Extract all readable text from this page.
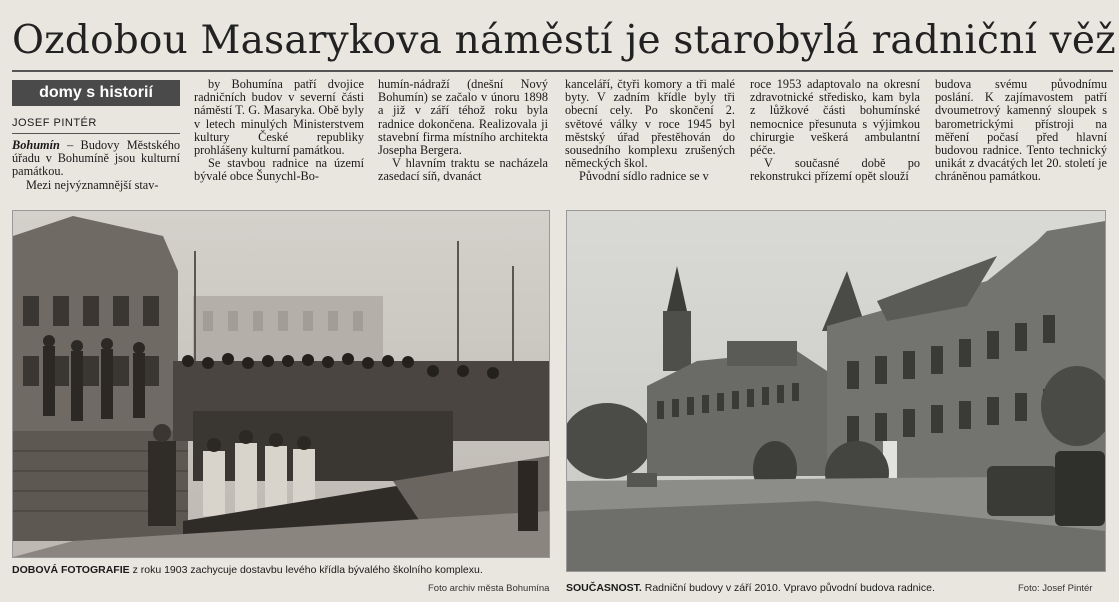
Ozdobou Masarykova náměstí je starobylá radniční věž
domy s historií
JOSEF PINTÉR

Bohumín – Budovy Městského úřadu v Bohumíně jsou kulturní památkou.

Mezi nejvýznamnější stav-

by Bohumína patří dvojice radničních budov v severní části náměstí T. G. Masaryka. Obě byly v letech minulých Ministerstvem kultury České republiky prohlášeny kulturní památkou.

Se stavbou radnice na území bývalé obce Šunychl-Bo-

humín-nádraží (dnešní Nový Bohumín) se začalo v únoru 1898 a již v září téhož roku byla radnice dokončena. Realizovala ji stavební firma místního architekta Josepha Bergera.

V hlavním traktu se nacházela zasedací síň, dvanáct

kanceláří, čtyři komory a tři malé byty. V zadním křídle byly tři obecní cely. Po skončení 2. světové války v roce 1945 byl městský úřad přestěhován do sousedního komplexu zrušených německých škol.

Původní sídlo radnice se v

roce 1953 adaptovalo na okresní zdravotnické středisko, kam byla z lůžkové části bohumínské nemocnice přesunuta s výjimkou chirurgie veškerá ambulantní péče.

V současné době po rekonstrukci přízemí opět slouží

budova svému původnímu poslání. K zajímavostem patří dvoumetrový kamenný sloupek s barometrickými přístroji na měření počasí před hlavní budovou radnice. Tento technický unikát z dvacátých let 20. století je chráněnou památkou.

DOBOVÁ FOTOGRAFIE z roku 1903 zachycuje dostavbu levého křídla bývalého školního komplexu.
Foto archiv města Bohumína SOUČASNOST. Radniční budovy v září 2010. Vpravo původní budova radnice.	Foto: Josef Pintér
